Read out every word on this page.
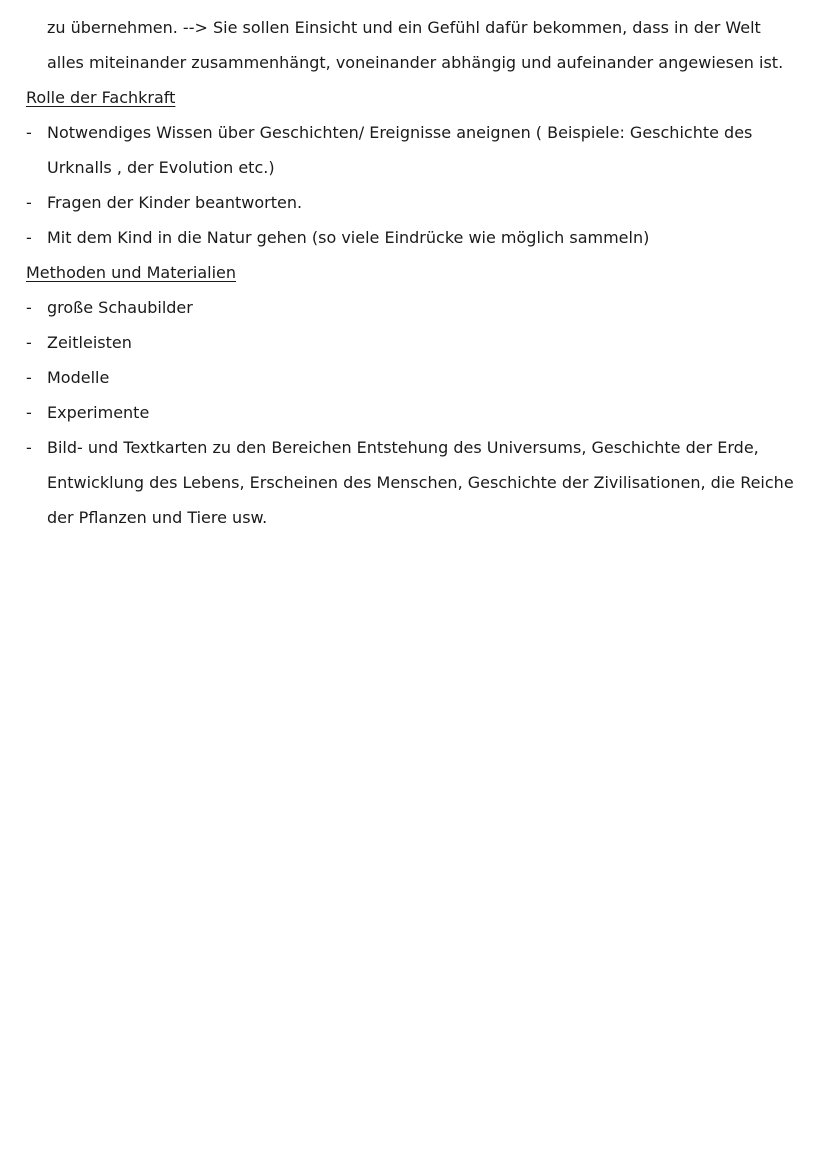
zu übernehmen. --> Sie sollen Einsicht und ein Gefühl dafür bekommen, dass in der Welt
alles miteinander zusammenhängt, voneinander abhängig und aufeinander angewiesen ist.
Rolle der Fachkraft
- Notwendiges Wissen über Geschichten/ Ereignisse aneignen ( Beispiele: Geschichte des
Urknalls , der Evolution etc.)
- Fragen der Kinder beantworten.
- Mit dem Kind in die Natur gehen (so viele Eindrücke wie möglich sammeln)
Methoden und Materialien
- große Schaubilder
- Zeitleisten
- Modelle
- Experimente
- Bild- und Textkarten zu den Bereichen Entstehung des Universums, Geschichte der Erde,
Entwicklung des Lebens, Erscheinen des Menschen, Geschichte der Zivilisationen, die Reiche
der Pflanzen und Tiere usw.
